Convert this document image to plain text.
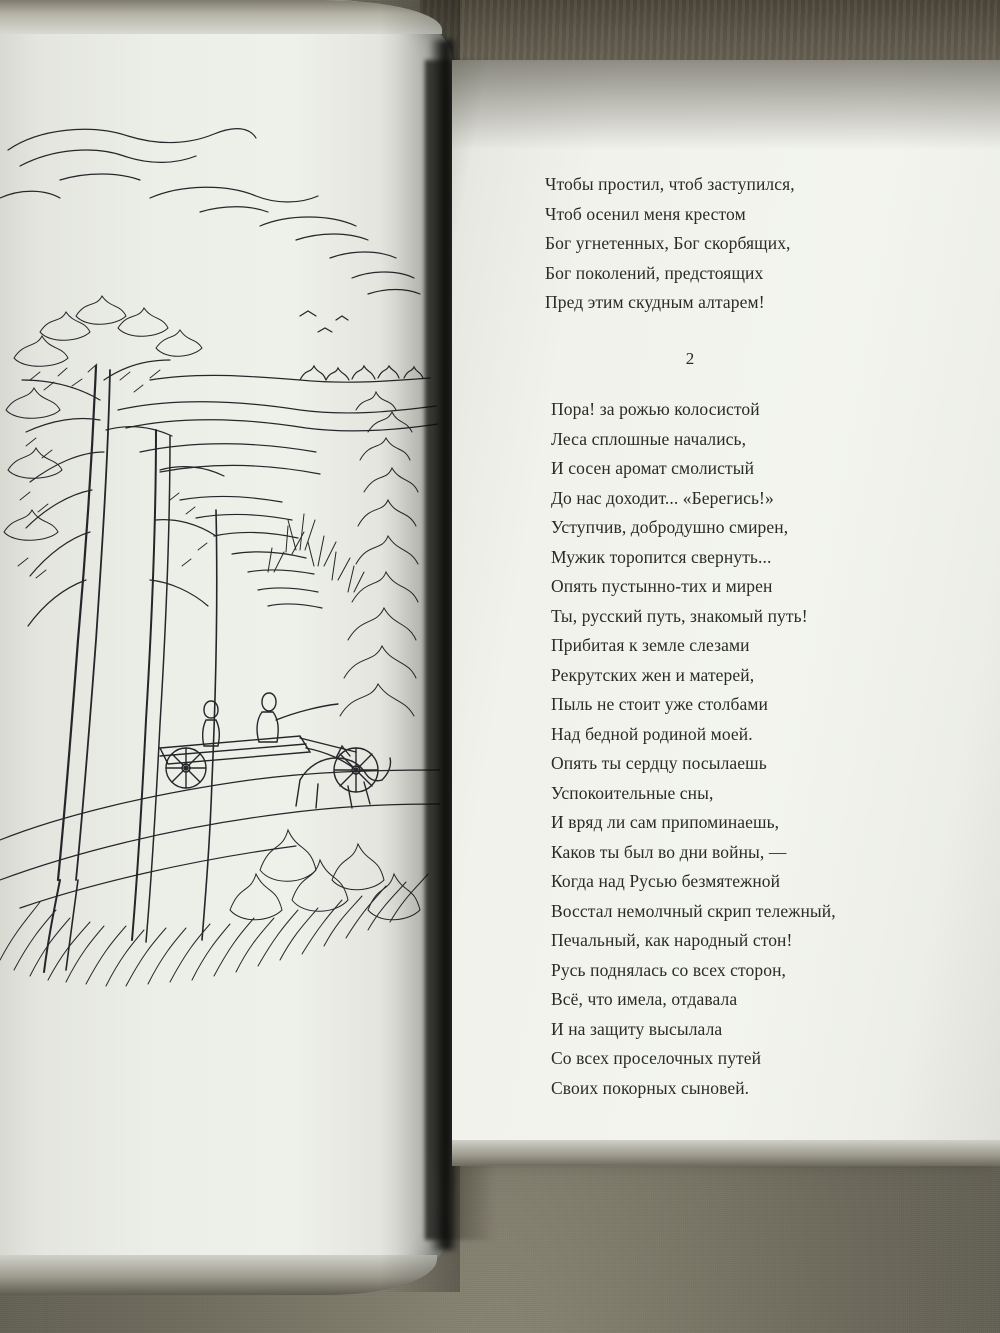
Чтобы простил, чтоб заступился,
Чтоб осенил меня крестом
Бог угнетенных, Бог скорбящих,
Бог поколений, предстоящих
Пред этим скудным алтарем!
2
Пора! за рожью колосистой
Леса сплошные начались,
И сосен аромат смолистый
До нас доходит... «Берегись!»
Уступчив, добродушно смирен,
Мужик торопится свернуть...
Опять пустынно-тих и мирен
Ты, русский путь, знакомый путь!
Прибитая к земле слезами
Рекрутских жен и матерей,
Пыль не стоит уже столбами
Над бедной родиной моей.
Опять ты сердцу посылаешь
Успокоительные сны,
И вряд ли сам припоминаешь,
Каков ты был во дни войны, —
Когда над Русью безмятежной
Восстал немолчный скрип тележный,
Печальный, как народный стон!
Русь поднялась со всех сторон,
Всё, что имела, отдавала
И на защиту высылала
Со всех проселочных путей
Своих покорных сыновей.
